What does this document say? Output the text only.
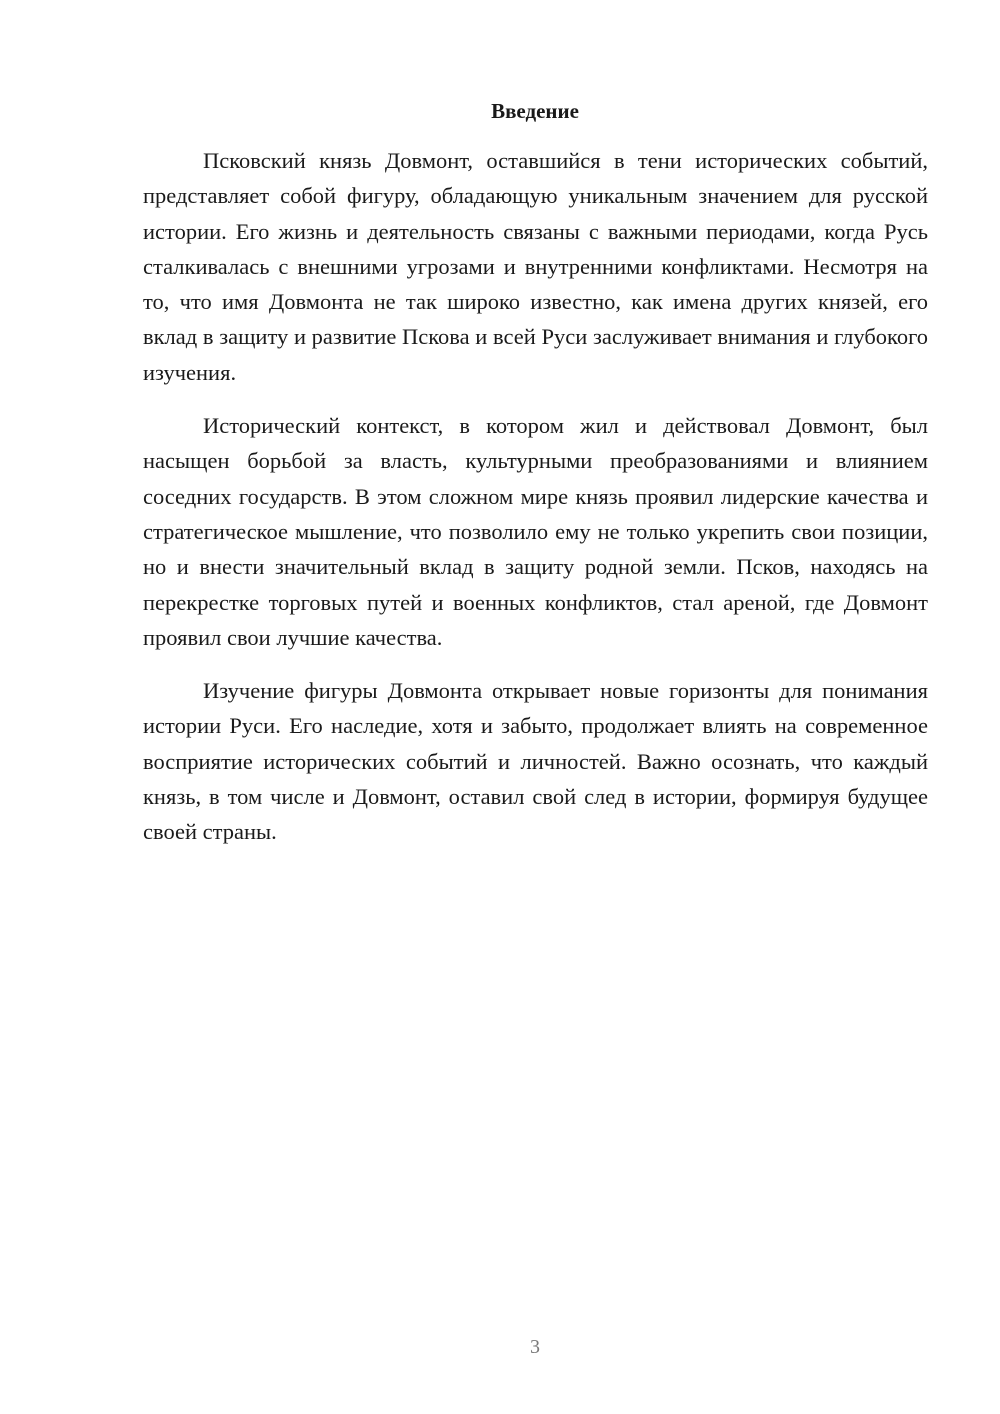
Введение

Псковский князь Довмонт, оставшийся в тени исторических событий, представляет собой фигуру, обладающую уникальным значением для русской истории. Его жизнь и деятельность связаны с важными периодами, когда Русь сталкивалась с внешними угрозами и внутренними конфликтами. Несмотря на то, что имя Довмонта не так широко известно, как имена других князей, его вклад в защиту и развитие Пскова и всей Руси заслуживает внимания и глубокого изучения.

Исторический контекст, в котором жил и действовал Довмонт, был насыщен борьбой за власть, культурными преобразованиями и влиянием соседних государств. В этом сложном мире князь проявил лидерские качества и стратегическое мышление, что позволило ему не только укрепить свои позиции, но и внести значительный вклад в защиту родной земли. Псков, находясь на перекрестке торговых путей и военных конфликтов, стал ареной, где Довмонт проявил свои лучшие качества.

Изучение фигуры Довмонта открывает новые горизонты для понимания истории Руси. Его наследие, хотя и забыто, продолжает влиять на современное восприятие исторических событий и личностей. Важно осознать, что каждый князь, в том числе и Довмонт, оставил свой след в истории, формируя будущее своей страны.

3
